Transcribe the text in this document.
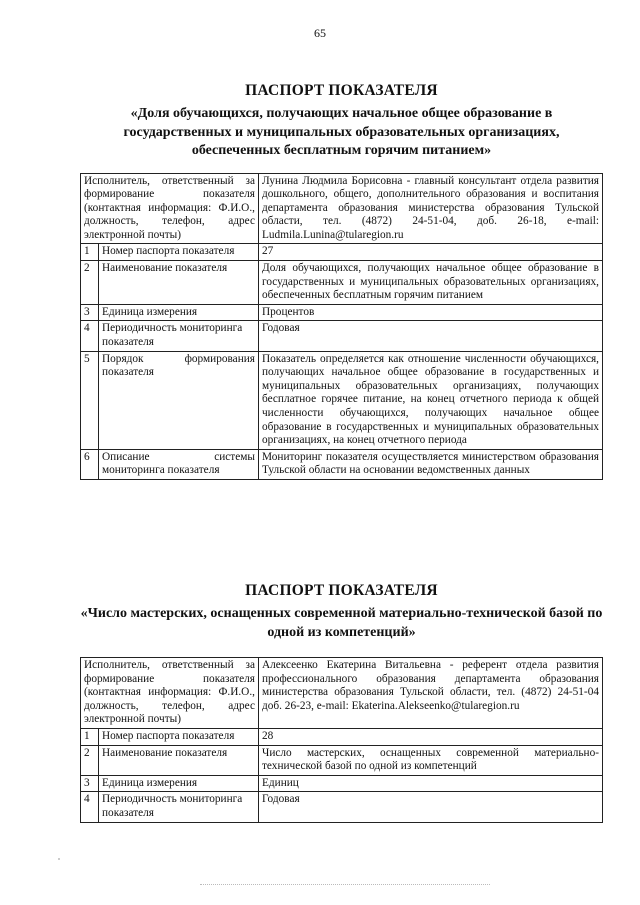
65
ПАСПОРТ ПОКАЗАТЕЛЯ
«Доля обучающихся, получающих начальное общее образование в государственных и муниципальных образовательных организациях, обеспеченных бесплатным горячим питанием»
Исполнитель, ответственный за формирование показателя (контактная информация: Ф.И.О., должность, телефон, адрес электронной почты)		Лунина Людмила Борисовна - главный консультант отдела развития дошкольного, общего, дополнительного образования и воспитания департамента образования министерства образования Тульской области, тел. (4872) 24-51-04, доб. 26-18, e-mail: Ludmila.Lunina@tularegion.ru
1	Номер паспорта показателя	27
2	Наименование показателя	Доля обучающихся, получающих начальное общее образование в государственных и муниципальных образовательных организациях, обеспеченных бесплатным горячим питанием
3	Единица измерения	Процентов
4	Периодичность мониторинга показателя	Годовая
5	Порядок формирования показателя	Показатель определяется как отношение численности обучающихся, получающих начальное общее образование в государственных и муниципальных образовательных организациях, получающих бесплатное горячее питание, на конец отчетного периода к общей численности обучающихся, получающих начальное общее образование в государственных и муниципальных образовательных организациях, на конец отчетного периода
6	Описание системы мониторинга показателя	Мониторинг показателя осуществляется министерством образования Тульской области на основании ведомственных данных
ПАСПОРТ ПОКАЗАТЕЛЯ
«Число мастерских, оснащенных современной материально-технической базой по одной из компетенций»
Исполнитель, ответственный за формирование показателя (контактная информация: Ф.И.О., должность, телефон, адрес электронной почты)		Алексеенко Екатерина Витальевна - референт отдела развития профессионального образования департамента образования министерства образования Тульской области, тел. (4872) 24-51-04 доб. 26-23, e-mail: Ekaterina.Alekseenko@tularegion.ru
1	Номер паспорта показателя	28
2	Наименование показателя	Число мастерских, оснащенных современной материально-технической базой по одной из компетенций
3	Единица измерения	Единиц
4	Периодичность мониторинга показателя	Годовая
